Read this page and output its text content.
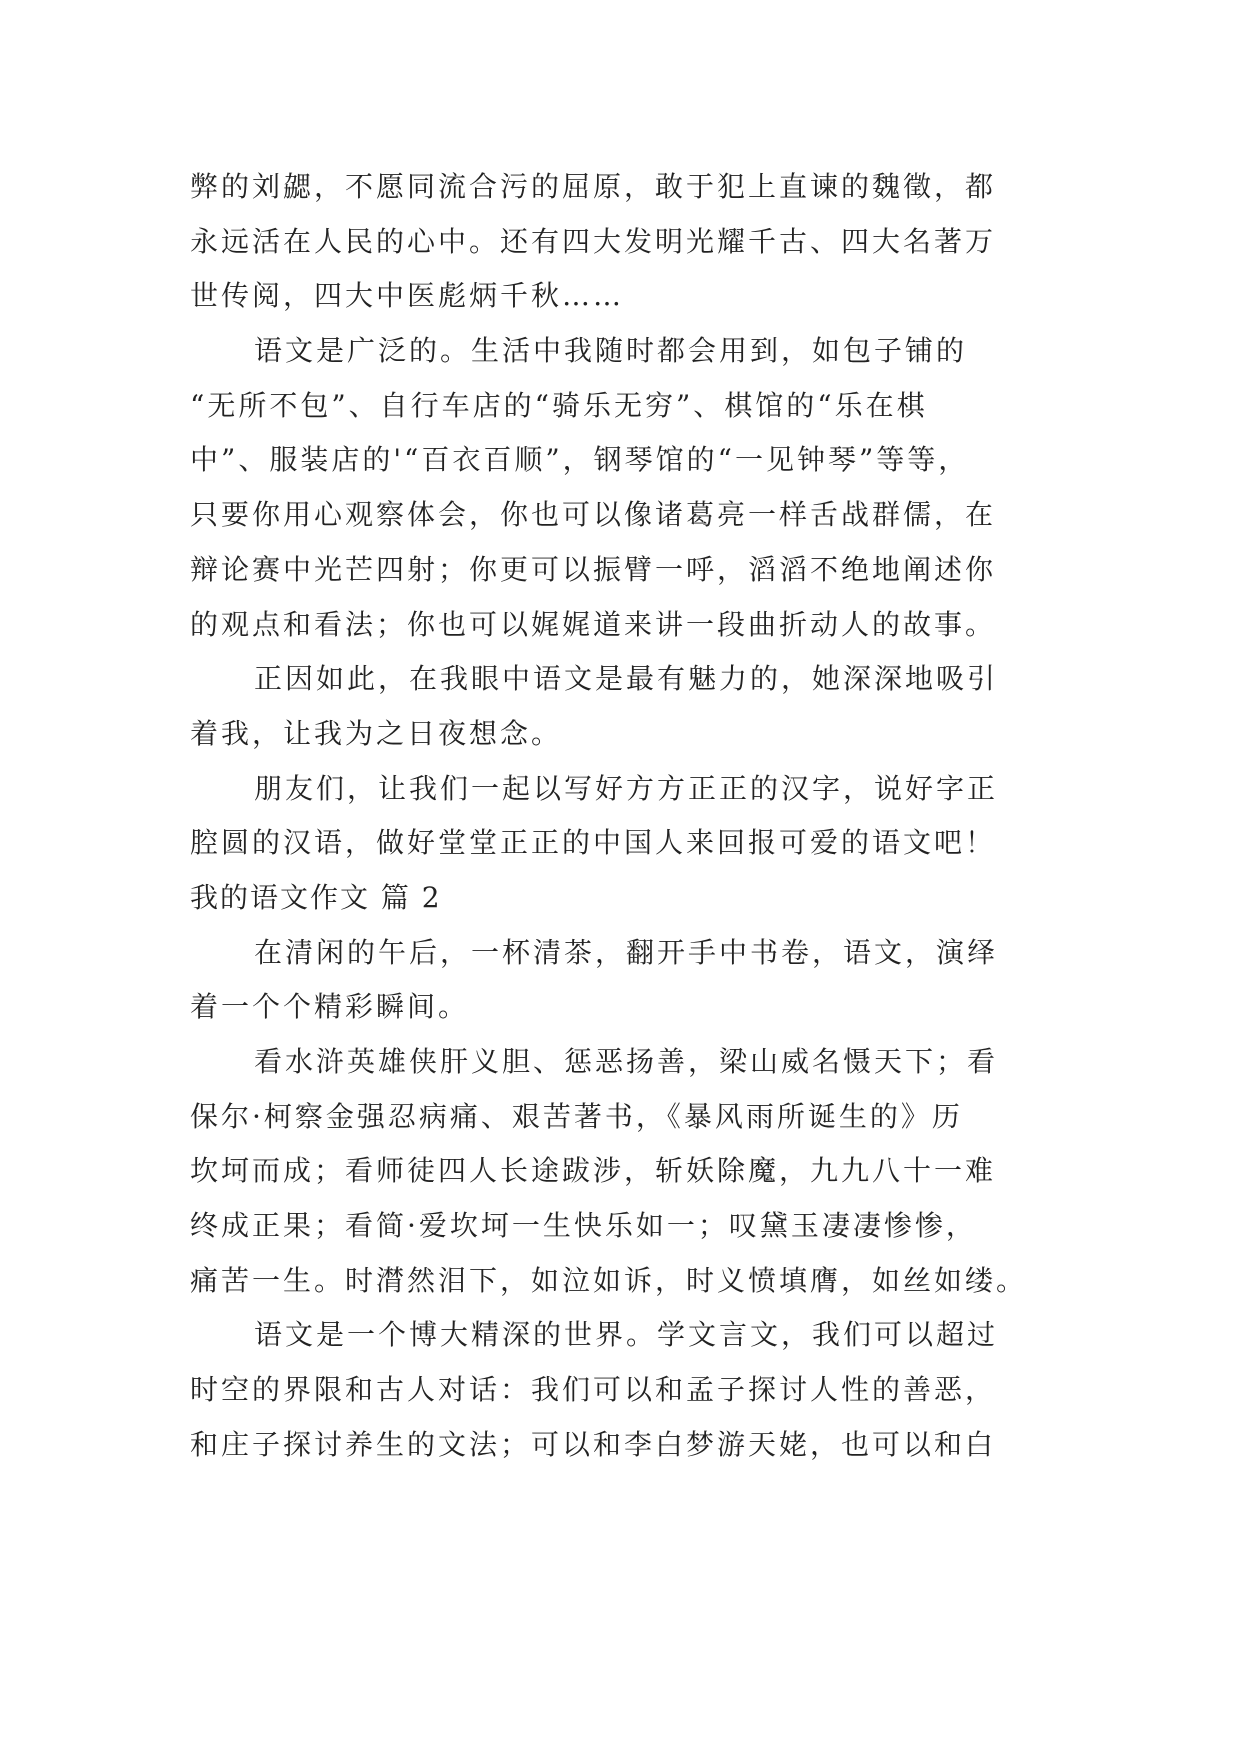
弊的刘勰，不愿同流合污的屈原，敢于犯上直谏的魏徵，都
永远活在人民的心中。还有四大发明光耀千古、四大名著万
世传阅，四大中医彪炳千秋……
语文是广泛的。生活中我随时都会用到，如包子铺的
“无所不包”、自行车店的“骑乐无穷”、棋馆的“乐在棋
中”、服装店的'“百衣百顺”，钢琴馆的“一见钟琴”等等，
只要你用心观察体会，你也可以像诸葛亮一样舌战群儒，在
辩论赛中光芒四射；你更可以振臂一呼，滔滔不绝地阐述你
的观点和看法；你也可以娓娓道来讲一段曲折动人的故事。
正因如此，在我眼中语文是最有魅力的，她深深地吸引
着我，让我为之日夜想念。
朋友们，让我们一起以写好方方正正的汉字，说好字正
腔圆的汉语，做好堂堂正正的中国人来回报可爱的语文吧！
我的语文作文 篇 2
在清闲的午后，一杯清茶，翻开手中书卷，语文，演绎
着一个个精彩瞬间。
看水浒英雄侠肝义胆、惩恶扬善，梁山威名慑天下；看
保尔·柯察金强忍病痛、艰苦著书，《暴风雨所诞生的》历
坎坷而成；看师徒四人长途跋涉，斩妖除魔，九九八十一难
终成正果；看简·爱坎坷一生快乐如一；叹黛玉凄凄惨惨，
痛苦一生。时潸然泪下，如泣如诉，时义愤填膺，如丝如缕。
语文是一个博大精深的世界。学文言文，我们可以超过
时空的界限和古人对话：我们可以和孟子探讨人性的善恶，
和庄子探讨养生的文法；可以和李白梦游天姥，也可以和白
